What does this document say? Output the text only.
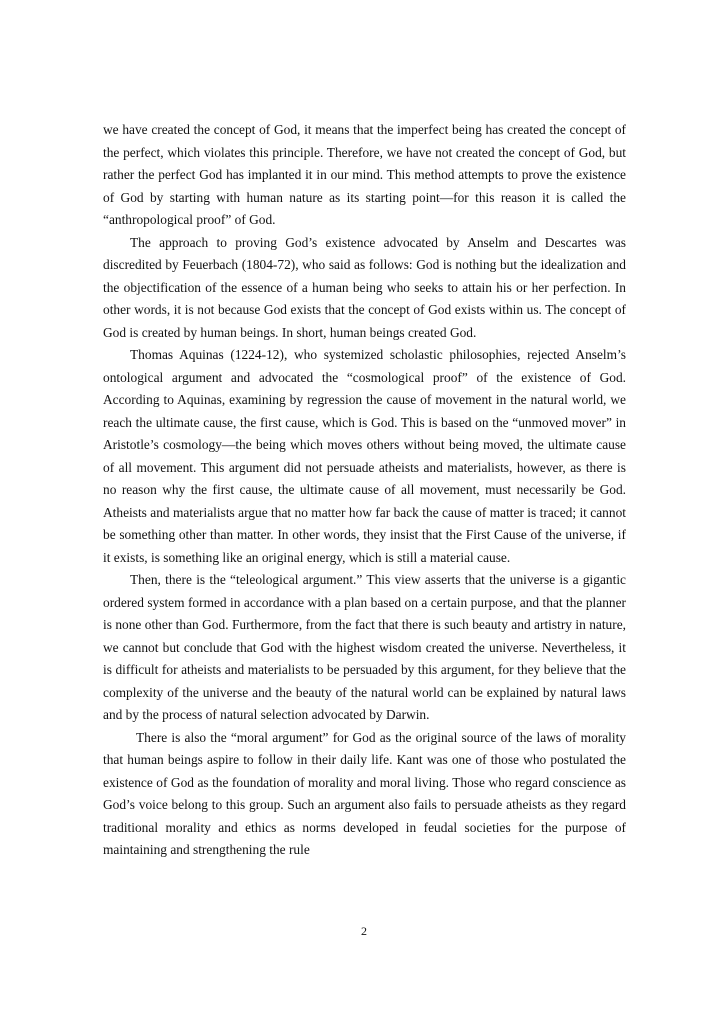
we have created the concept of God, it means that the imperfect being has created the concept of the perfect, which violates this principle. Therefore, we have not created the concept of God, but rather the perfect God has implanted it in our mind. This method attempts to prove the existence of God by starting with human nature as its starting point—for this reason it is called the “anthropological proof” of God.

The approach to proving God’s existence advocated by Anselm and Descartes was discredited by Feuerbach (1804-72), who said as follows: God is nothing but the idealization and the objectification of the essence of a human being who seeks to attain his or her perfection. In other words, it is not because God exists that the concept of God exists within us. The concept of God is created by human beings. In short, human beings created God.

Thomas Aquinas (1224-12), who systemized scholastic philosophies, rejected Anselm’s ontological argument and advocated the “cosmological proof” of the existence of God. According to Aquinas, examining by regression the cause of movement in the natural world, we reach the ultimate cause, the first cause, which is God. This is based on the “unmoved mover” in Aristotle’s cosmology―the being which moves others without being moved, the ultimate cause of all movement. This argument did not persuade atheists and materialists, however, as there is no reason why the first cause, the ultimate cause of all movement, must necessarily be God. Atheists and materialists argue that no matter how far back the cause of matter is traced; it cannot be something other than matter. In other words, they insist that the First Cause of the universe, if it exists, is something like an original energy, which is still a material cause.

Then, there is the “teleological argument.” This view asserts that the universe is a gigantic ordered system formed in accordance with a plan based on a certain purpose, and that the planner is none other than God. Furthermore, from the fact that there is such beauty and artistry in nature, we cannot but conclude that God with the highest wisdom created the universe. Nevertheless, it is difficult for atheists and materialists to be persuaded by this argument, for they believe that the complexity of the universe and the beauty of the natural world can be explained by natural laws and by the process of natural selection advocated by Darwin.

There is also the “moral argument” for God as the original source of the laws of morality that human beings aspire to follow in their daily life. Kant was one of those who postulated the existence of God as the foundation of morality and moral living. Those who regard conscience as God’s voice belong to this group. Such an argument also fails to persuade atheists as they regard traditional morality and ethics as norms developed in feudal societies for the purpose of maintaining and strengthening the rule

2
